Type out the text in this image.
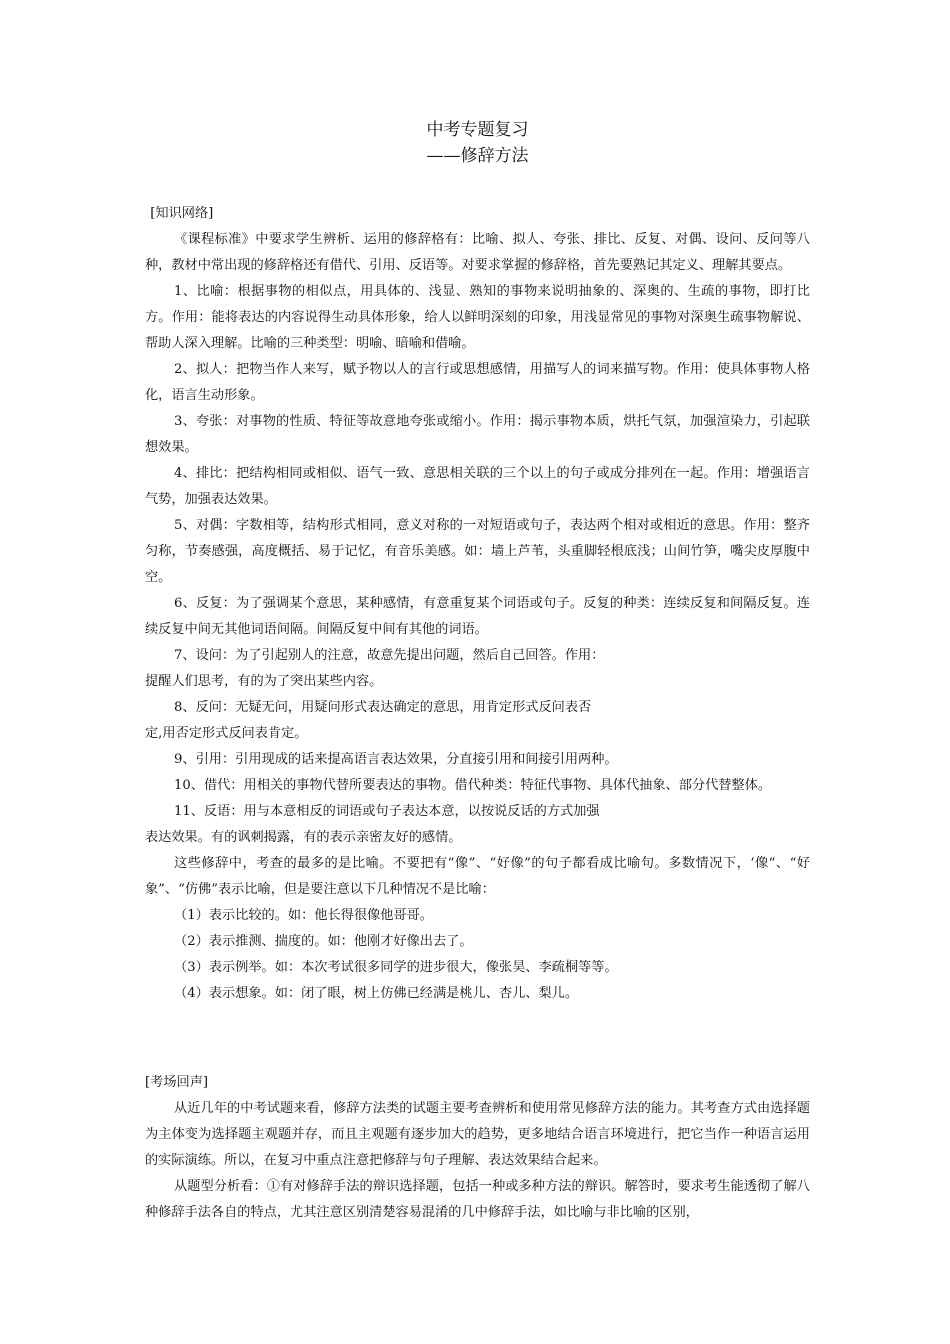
中考专题复习
——修辞方法

[知识网络]

《课程标准》中要求学生辨析、运用的修辞格有：比喻、拟人、夸张、排比、反复、对偶、设问、反问等八种，教材中常出现的修辞格还有借代、引用、反语等。对要求掌握的修辞格，首先要熟记其定义、理解其要点。

1、比喻：根据事物的相似点，用具体的、浅显、熟知的事物来说明抽象的、深奥的、生疏的事物，即打比方。作用：能将表达的内容说得生动具体形象，给人以鲜明深刻的印象，用浅显常见的事物对深奥生疏事物解说、帮助人深入理解。比喻的三种类型：明喻、暗喻和借喻。

2、拟人：把物当作人来写，赋予物以人的言行或思想感情，用描写人的词来描写物。作用：使具体事物人格化，语言生动形象。

3、夸张：对事物的性质、特征等故意地夸张或缩小。作用：揭示事物本质，烘托气氛，加强渲染力，引起联想效果。

4、排比：把结构相同或相似、语气一致、意思相关联的三个以上的句子或成分排列在一起。作用：增强语言气势，加强表达效果。

5、对偶：字数相等，结构形式相同，意义对称的一对短语或句子，表达两个相对或相近的意思。作用：整齐匀称，节奏感强，高度概括、易于记忆，有音乐美感。如：墙上芦苇，头重脚轻根底浅；山间竹笋，嘴尖皮厚腹中空。

6、反复：为了强调某个意思，某种感情，有意重复某个词语或句子。反复的种类：连续反复和间隔反复。连续反复中间无其他词语间隔。间隔反复中间有其他的词语。

7、设问：为了引起别人的注意，故意先提出问题，然后自己回答。作用：

提醒人们思考，有的为了突出某些内容。

8、反问：无疑无问，用疑问形式表达确定的意思，用肯定形式反问表否

定,用否定形式反问表肯定。

9、引用：引用现成的话来提高语言表达效果，分直接引用和间接引用两种。

10、借代：用相关的事物代替所要表达的事物。借代种类：特征代事物、具体代抽象、部分代替整体。

11、反语：用与本意相反的词语或句子表达本意，以按说反话的方式加强

表达效果。有的讽刺揭露，有的表示亲密友好的感情。

这些修辞中，考查的最多的是比喻。不要把有“像”、“好像”的句子都看成比喻句。多数情况下，‘像“、“好象”、“仿佛”表示比喻，但是要注意以下几种情况不是比喻：

（1）表示比较的。如：他长得很像他哥哥。

（2）表示推测、揣度的。如：他刚才好像出去了。

（3）表示例举。如：本次考试很多同学的进步很大，像张昊、李疏桐等等。

（4）表示想象。如：闭了眼，树上仿佛已经满是桃儿、杏儿、梨儿。

[考场回声]

从近几年的中考试题来看，修辞方法类的试题主要考查辨析和使用常见修辞方法的能力。其考查方式由选择题为主体变为选择题主观题并存，而且主观题有逐步加大的趋势，更多地结合语言环境进行，把它当作一种语言运用的实际演练。所以，在复习中重点注意把修辞与句子理解、表达效果结合起来。

从题型分析看：①有对修辞手法的辩识选择题，包括一种或多种方法的辩识。解答时，要求考生能透彻了解八种修辞手法各自的特点，尤其注意区别清楚容易混淆的几中修辞手法，如比喻与非比喻的区别，
